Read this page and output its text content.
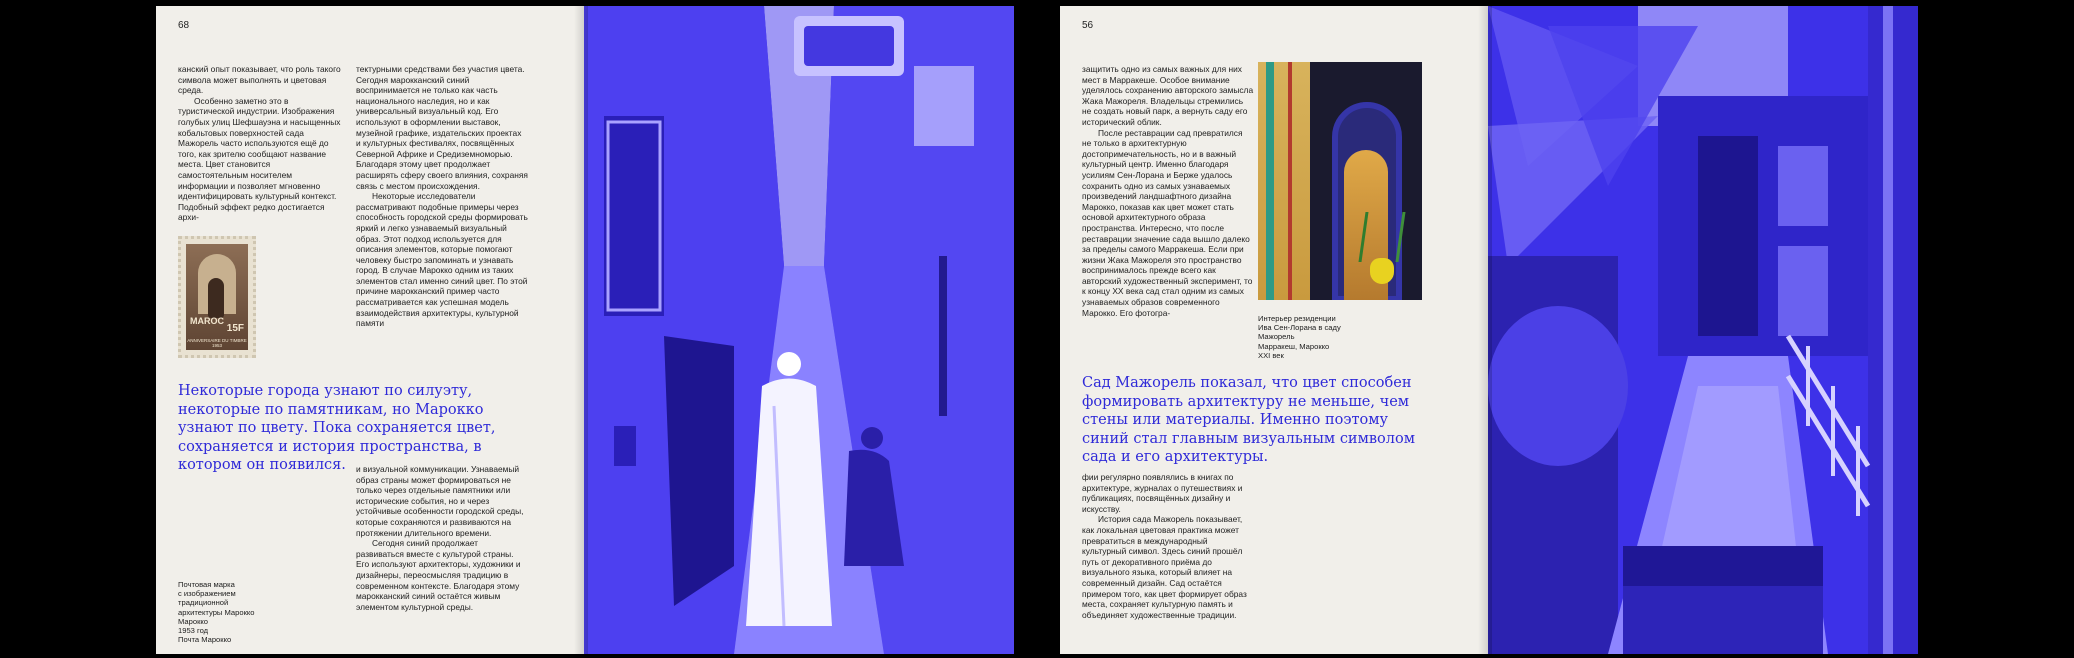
68

канский опыт показывает, что роль такого символа может выполнять и цветовая среда.

Особенно заметно это в туристической индустрии. Изображения голубых улиц Шефшауэна и насыщенных кобальтовых поверхностей сада Мажорель часто используются ещё до того, как зрителю сообщают название места. Цвет становится самостоятельным носителем информации и позволяет мгновенно идентифицировать культурный контекст. Подобный эффект редко достигается архи-

тектурными средствами без участия цвета. Сегодня марокканский синий воспринимается не только как часть национального наследия, но и как универсальный визуальный код. Его используют в оформлении выставок, музейной графике, издательских проектах и культурных фестивалях, посвящённых Северной Африке и Средиземноморью. Благодаря этому цвет продолжает расширять сферу своего влияния, сохраняя связь с местом происхождения.

Некоторые исследователи рассматривают подобные примеры через способность городской среды формировать яркий и легко узнаваемый визуальный образ. Этот подход используется для описания элементов, которые помогают человеку быстро запоминать и узнавать город. В случае Марокко одним из таких элементов стал именно синий цвет. По этой причине марокканский пример часто рассматривается как успешная модель взаимодействия архитектуры, культурной памяти

MAROC
15F
ANNIVERSAIRE DU TIMBRE 1953
Некоторые города узнают по силуэту, некоторые по памятникам, но Марокко узнают по цвету. Пока сохраняется цвет, сохраняется и история пространства, в котором он появился.	и визуальной коммуникации. Узнаваемый образ страны может формироваться не только через отдельные памятники или исторические события, но и через устойчивые особенности городской среды, которые сохраняются и развиваются на протяжении длительного времени.

Сегодня синий продолжает развиваться вместе с культурой страны. Его используют архитекторы, художники и дизайнеры, переосмысляя традицию в современном контексте. Благодаря этому марокканский синий остаётся живым элементом культурной среды.

Почтовая марка
с изображением
традиционной
архитектуры Марокко
Марокко
1953 год
Почта Марокко
56

защитить одно из самых важных для них мест в Марракеше. Особое внимание уделялось сохранению авторского замысла Жака Мажореля. Владельцы стремились не создать новый парк, а вернуть саду его исторический облик.

После реставрации сад превратился не только в архитектурную достопримечательность, но и в важный культурный центр. Именно благодаря усилиям Сен-Лорана и Берже удалось сохранить одно из самых узнаваемых произведений ландшафтного дизайна Марокко, показав как цвет может стать основой архитектурного образа пространства. Интересно, что после реставрации значение сада вышло далеко за пределы самого Марракеша. Если при жизни Жака Мажореля это пространство воспринималось прежде всего как авторский художественный эксперимент, то к концу XX века сад стал одним из самых узнаваемых образов современного Марокко. Его фотогра-

Интерьер резиденции
Ива Сен-Лорана в саду
Мажорель
Марракеш, Марокко
XXI век
Сад Мажорель показал, что цвет способен формировать архитектуру не меньше, чем стены или материалы. Именно поэтому синий стал главным визуальным символом сада и его архитектуры.

фии регулярно появлялись в книгах по архитектуре, журналах о путешествиях и публикациях, посвящённых дизайну и искусству.

История сада Мажорель показывает, как локальная цветовая практика может превратиться в международный культурный символ. Здесь синий прошёл путь от декоративного приёма до визуального языка, который влияет на современный дизайн. Сад остаётся примером того, как цвет формирует образ места, сохраняет культурную память и объединяет художественные традиции.
